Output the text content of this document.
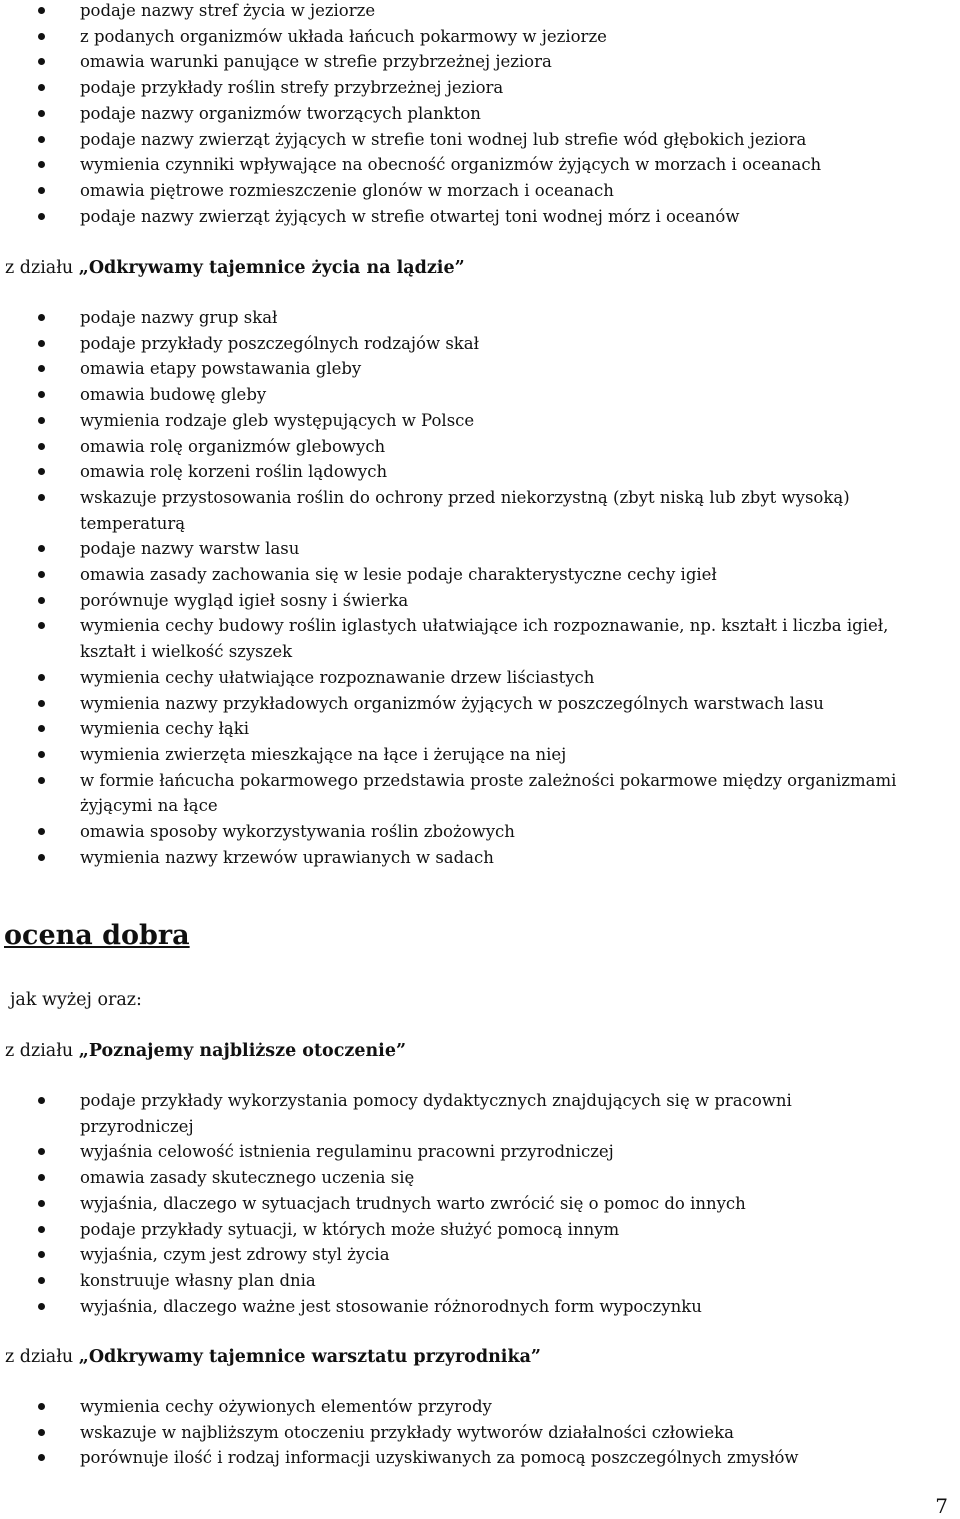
podaje nazwy stref życia w jeziorze
z podanych organizmów układa łańcuch pokarmowy w jeziorze
omawia warunki panujące w strefie przybrzeżnej jeziora
podaje przykłady roślin strefy przybrzeżnej jeziora
podaje nazwy organizmów tworzących plankton
podaje nazwy zwierząt żyjących w strefie toni wodnej lub strefie wód głębokich jeziora
wymienia czynniki wpływające na obecność organizmów żyjących w morzach i oceanach
omawia piętrowe rozmieszczenie glonów w morzach i oceanach
podaje nazwy zwierząt żyjących w strefie otwartej toni wodnej mórz i oceanów
z działu „Odkrywamy tajemnice życia na lądzie”
podaje nazwy grup skał
podaje przykłady poszczególnych rodzajów skał
omawia etapy powstawania gleby
omawia budowę gleby
wymienia rodzaje gleb występujących w Polsce
omawia rolę organizmów glebowych
omawia rolę korzeni roślin lądowych
wskazuje przystosowania roślin do ochrony przed niekorzystną (zbyt niską lub zbyt wysoką) temperaturą
podaje nazwy warstw lasu
omawia zasady zachowania się w lesie podaje charakterystyczne cechy igieł
porównuje wygląd igieł sosny i świerka
wymienia cechy budowy roślin iglastych ułatwiające ich rozpoznawanie, np. kształt i liczba igieł, kształt i wielkość szyszek
wymienia cechy ułatwiające rozpoznawanie drzew liściastych
wymienia nazwy przykładowych organizmów żyjących w poszczególnych warstwach lasu
wymienia cechy łąki
wymienia zwierzęta mieszkające na łące i żerujące na niej
w formie łańcucha pokarmowego przedstawia proste zależności pokarmowe między organizmami żyjącymi na łące
omawia sposoby wykorzystywania roślin zbożowych
wymienia nazwy krzewów uprawianych w sadach
ocena dobra
jak wyżej oraz:
z działu „Poznajemy najbliższe otoczenie”
podaje przykłady wykorzystania pomocy dydaktycznych znajdujących się w pracowni przyrodniczej
wyjaśnia celowość istnienia regulaminu pracowni przyrodniczej
omawia zasady skutecznego uczenia się
wyjaśnia, dlaczego w sytuacjach trudnych warto zwrócić się o pomoc do innych
podaje przykłady sytuacji, w których może służyć pomocą innym
wyjaśnia, czym jest zdrowy styl życia
konstruuje własny plan dnia
wyjaśnia, dlaczego ważne jest stosowanie różnorodnych form wypoczynku
z działu „Odkrywamy tajemnice warsztatu przyrodnika”
wymienia cechy ożywionych elementów przyrody
wskazuje w najbliższym otoczeniu przykłady wytworów działalności człowieka
porównuje ilość i rodzaj informacji uzyskiwanych za pomocą poszczególnych zmysłów
7
